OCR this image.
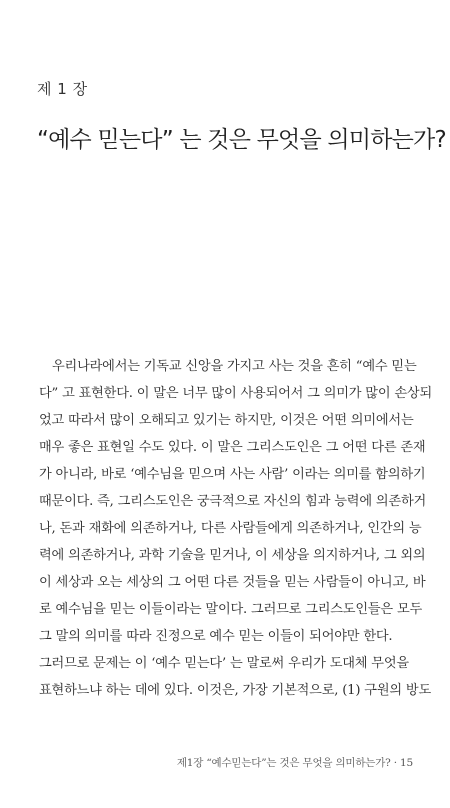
제 1 장
“예수 믿는다” 는 것은 무엇을 의미하는가?
우리나라에서는 기독교 신앙을 가지고 사는 것을 흔히 “예수 믿는
다” 고 표현한다. 이 말은 너무 많이 사용되어서 그 의미가 많이 손상되
었고 따라서 많이 오해되고 있기는 하지만, 이것은 어떤 의미에서는
매우 좋은 표현일 수도 있다. 이 말은 그리스도인은 그 어떤 다른 존재
가 아니라, 바로 ‘예수님을 믿으며 사는 사람’ 이라는 의미를 함의하기
때문이다. 즉, 그리스도인은 궁극적으로 자신의 힘과 능력에 의존하거
나, 돈과 재화에 의존하거나, 다른 사람들에게 의존하거나, 인간의 능
력에 의존하거나, 과학 기술을 믿거나, 이 세상을 의지하거나, 그 외의
이 세상과 오는 세상의 그 어떤 다른 것들을 믿는 사람들이 아니고, 바
로 예수님을 믿는 이들이라는 말이다. 그러므로 그리스도인들은 모두
그 말의 의미를 따라 진정으로 예수 믿는 이들이 되어야만 한다.
그러므로 문제는 이 ‘예수 믿는다’ 는 말로써 우리가 도대체 무엇을
표현하느냐 하는 데에 있다. 이것은, 가장 기본적으로, (1) 구원의 방도
제1장 “예수믿는다”는 것은 무엇을 의미하는가? · 15
